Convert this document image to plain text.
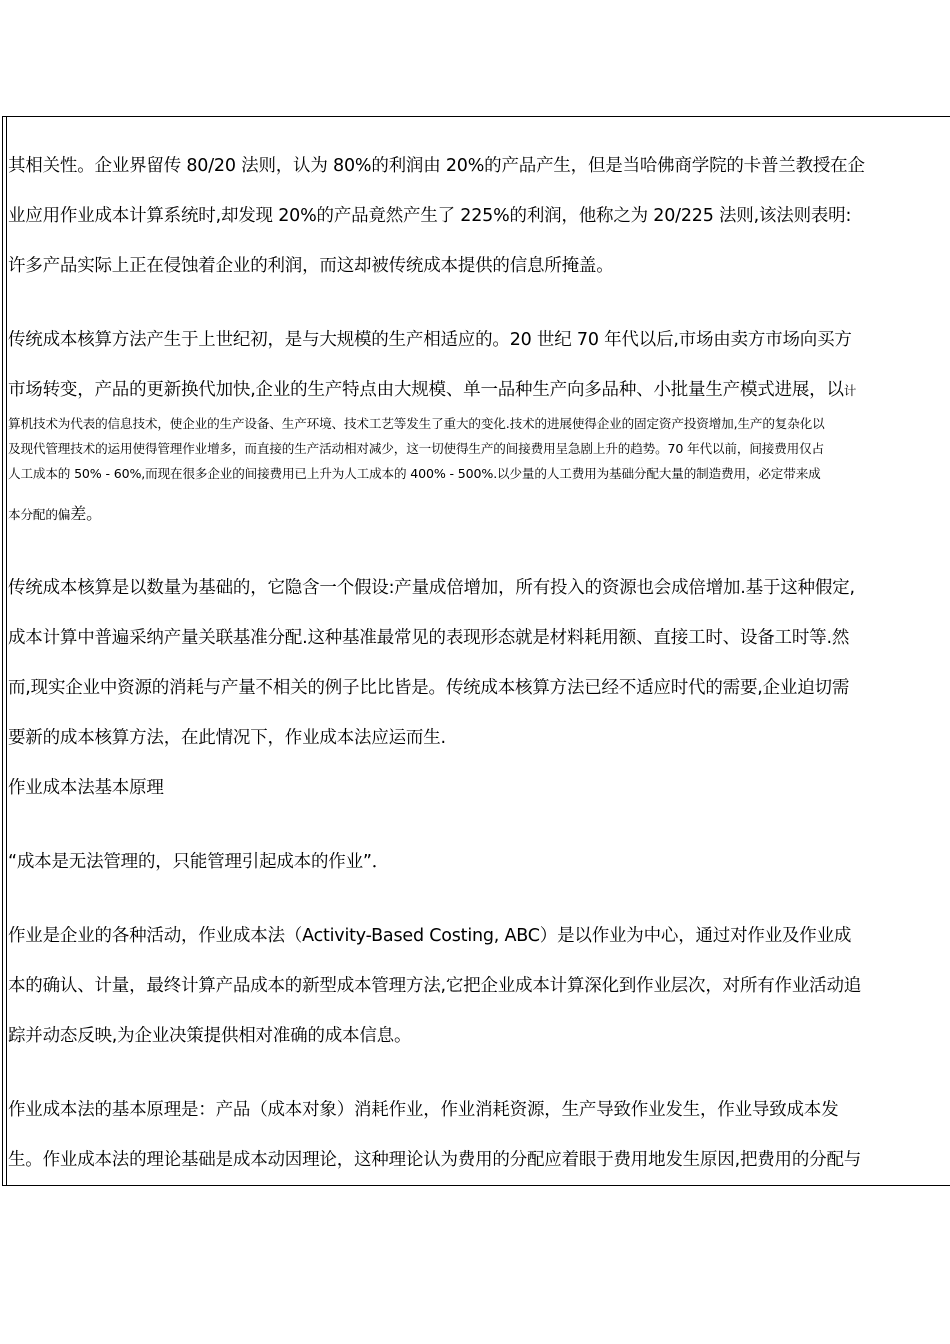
其相关性。企业界留传 80/20 法则，认为 80%的利润由 20%的产品产生，但是当哈佛商学院的卡普兰教授在企
业应用作业成本计算系统时,却发现 20%的产品竟然产生了 225%的利润，他称之为 20/225 法则,该法则表明:
许多产品实际上正在侵蚀着企业的利润，而这却被传统成本提供的信息所掩盖。
传统成本核算方法产生于上世纪初，是与大规模的生产相适应的。20 世纪 70 年代以后,市场由卖方市场向买方
市场转变，产品的更新换代加快,企业的生产特点由大规模、单一品种生产向多品种、小批量生产模式进展，以计
算机技术为代表的信息技术，使企业的生产设备、生产环境、技术工艺等发生了重大的变化.技术的进展使得企业的固定资产投资增加,生产的复杂化以
及现代管理技术的运用使得管理作业增多，而直接的生产活动相对减少，这一切使得生产的间接费用呈急剧上升的趋势。70 年代以前，间接费用仅占
人工成本的 50% - 60%,而现在很多企业的间接费用已上升为人工成本的 400% - 500%.以少量的人工费用为基础分配大量的制造费用，必定带来成
本分配的偏差。
传统成本核算是以数量为基础的，它隐含一个假设:产量成倍增加，所有投入的资源也会成倍增加.基于这种假定,
成本计算中普遍采纳产量关联基准分配.这种基准最常见的表现形态就是材料耗用额、直接工时、设备工时等.然
而,现实企业中资源的消耗与产量不相关的例子比比皆是。传统成本核算方法已经不适应时代的需要,企业迫切需
要新的成本核算方法，在此情况下，作业成本法应运而生.
作业成本法基本原理
“成本是无法管理的，只能管理引起成本的作业”．
作业是企业的各种活动，作业成本法（Activity-Based Costing, ABC）是以作业为中心，通过对作业及作业成
本的确认、计量，最终计算产品成本的新型成本管理方法,它把企业成本计算深化到作业层次，对所有作业活动追
踪并动态反映,为企业决策提供相对准确的成本信息。
作业成本法的基本原理是：产品（成本对象）消耗作业，作业消耗资源，生产导致作业发生，作业导致成本发
生。作业成本法的理论基础是成本动因理论，这种理论认为费用的分配应着眼于费用地发生原因,把费用的分配与
